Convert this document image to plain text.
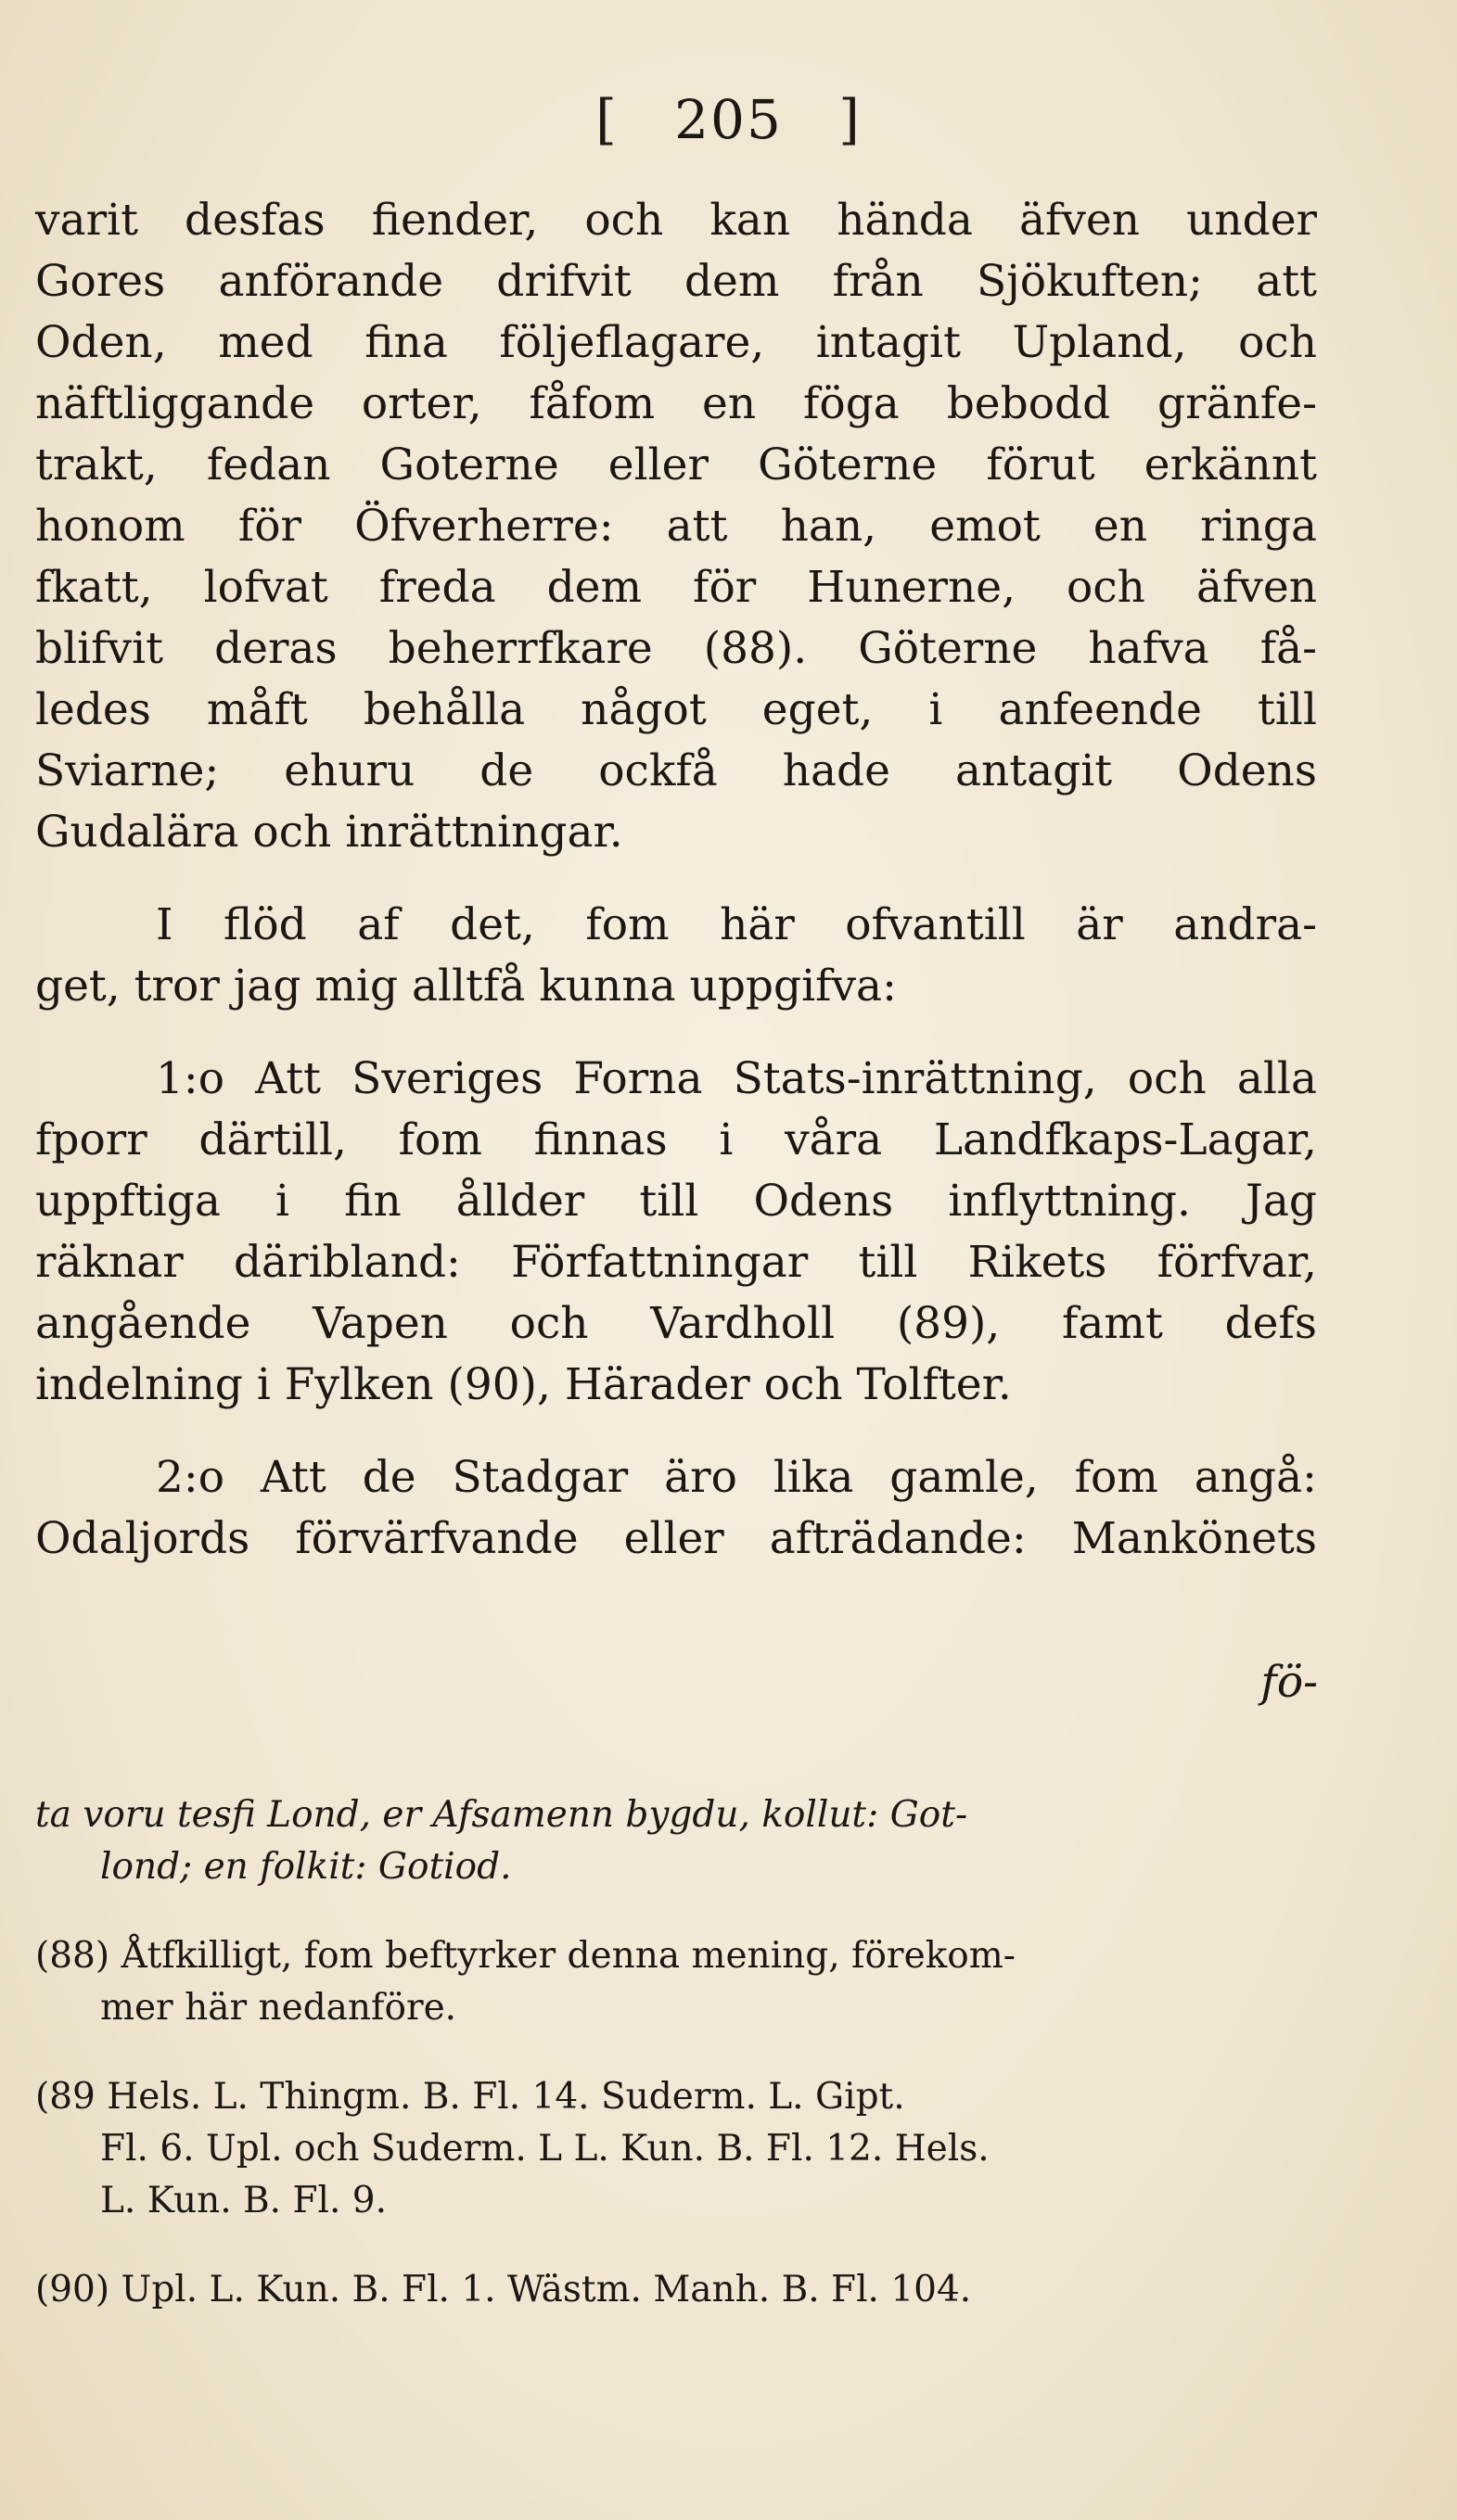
[ 205 ]

varit desfas fiender, och kan hända äfven under
Gores anförande drifvit dem från Sjökuften; att
Oden, med fina följeflagare, intagit Upland, och
näftliggande orter, fåfom en föga bebodd gränfe-
trakt, fedan Goterne eller Göterne förut erkännt
honom för Öfverherre: att han, emot en ringa
fkatt, lofvat freda dem för Hunerne, och äfven
blifvit deras beherrfkare (88). Göterne hafva få-
ledes måft behålla något eget, i anfeende till
Sviarne; ehuru de ockfå hade antagit Odens
Gudalära och inrättningar.

I flöd af det, fom här ofvantill är andra-
get, tror jag mig alltfå kunna uppgifva:

1:o Att Sveriges Forna Stats-inrättning, och alla
fporr därtill, fom finnas i våra Landfkaps-Lagar,
uppftiga i fin ållder till Odens inflyttning. Jag
räknar däribland: Författningar till Rikets förfvar,
angående Vapen och Vardholl (89), famt defs
indelning i Fylken (90), Härader och Tolfter.

2:o Att de Stadgar äro lika gamle, fom angå:
Odaljords förvärfvande eller afträdande: Mankönets

fö-
ta voru tesfi Lond, er Afsamenn bygdu, kollut: Got-
lond; en folkit: Gotiod.
(88) Åtfkilligt, fom beftyrker denna mening, förekom-
mer här nedanföre.
(89 Hels. L. Thingm. B. Fl. 14. Suderm. L. Gipt.
Fl. 6. Upl. och Suderm. L L. Kun. B. Fl. 12. Hels.
L. Kun. B. Fl. 9.
(90) Upl. L. Kun. B. Fl. 1. Wästm. Manh. B. Fl. 104.
